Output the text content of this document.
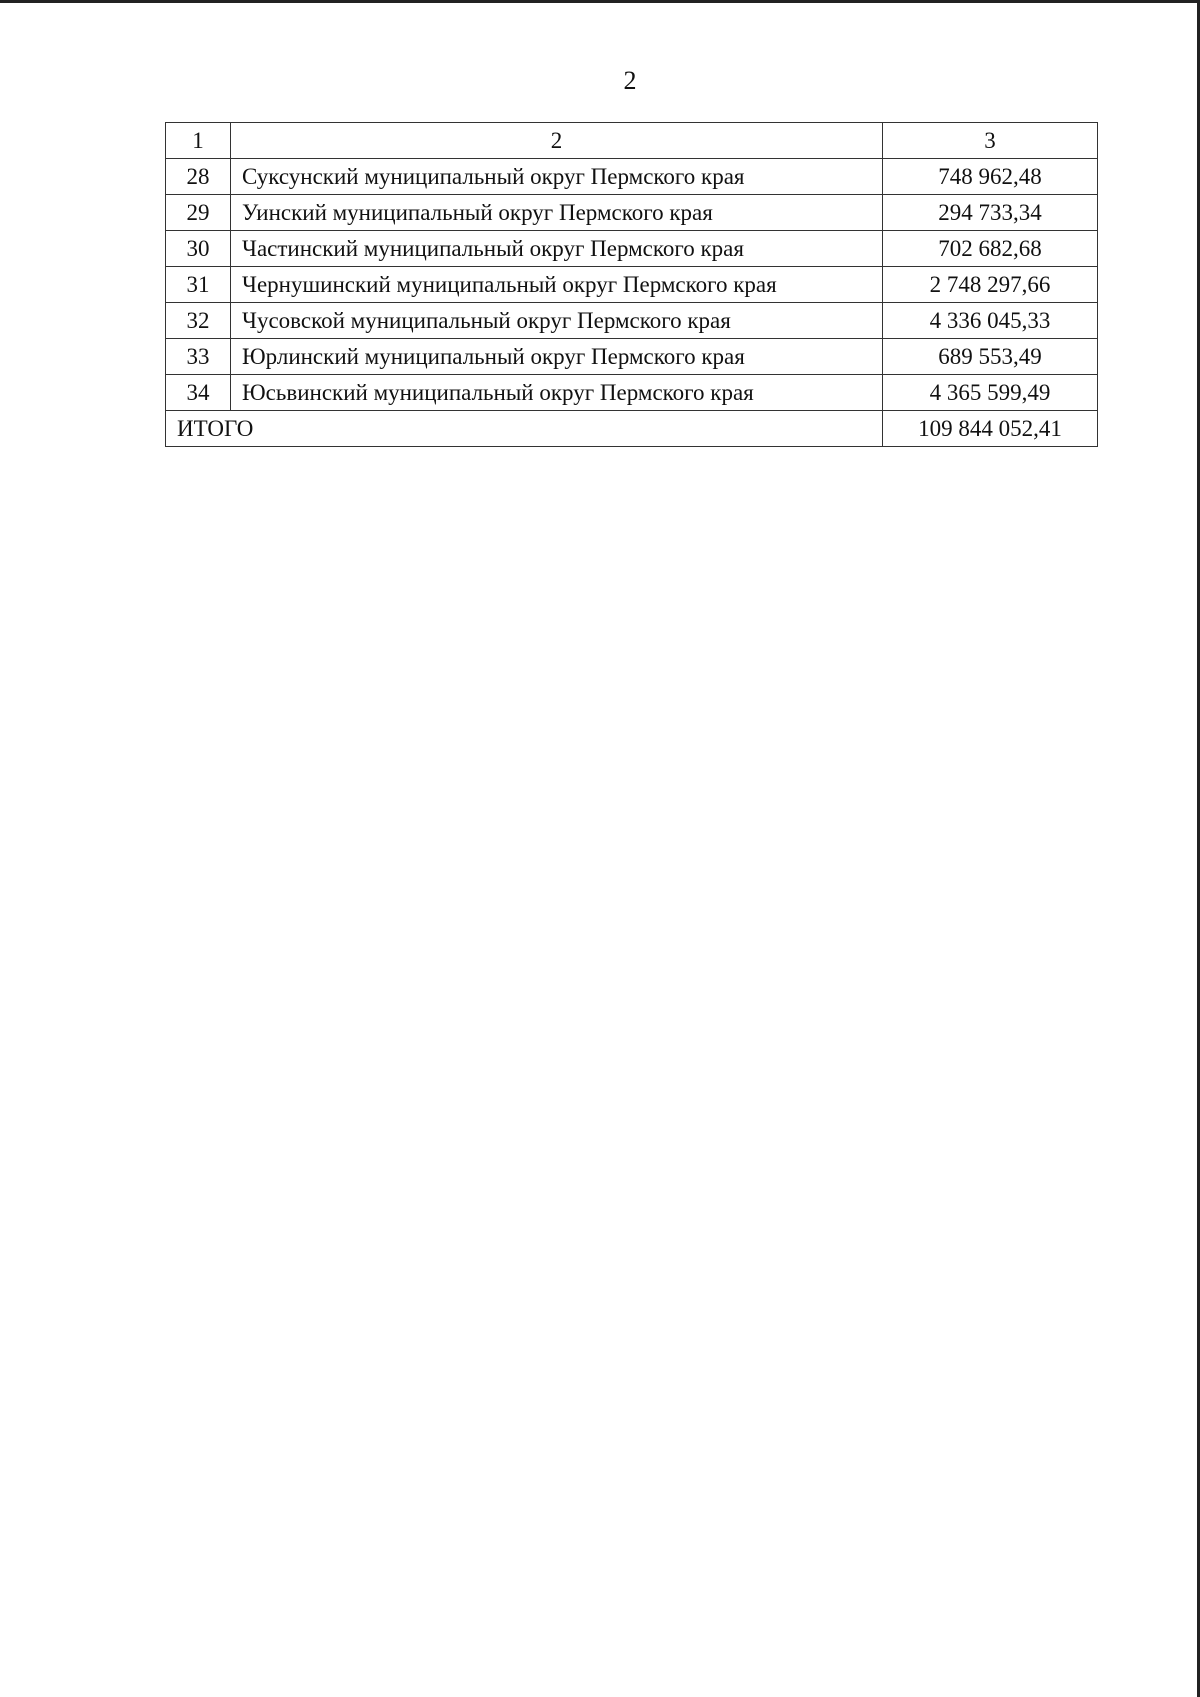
2
1	2	3
28	Суксунский муниципальный округ Пермского края	748 962,48
29	Уинский муниципальный округ Пермского края	294 733,34
30	Частинский муниципальный округ Пермского края	702 682,68
31	Чернушинский муниципальный округ Пермского края	2 748 297,66
32	Чусовской муниципальный округ Пермского края	4 336 045,33
33	Юрлинский муниципальный округ Пермского края	689 553,49
34	Юсьвинский муниципальный округ Пермского края	4 365 599,49
ИТОГО		109 844 052,41
